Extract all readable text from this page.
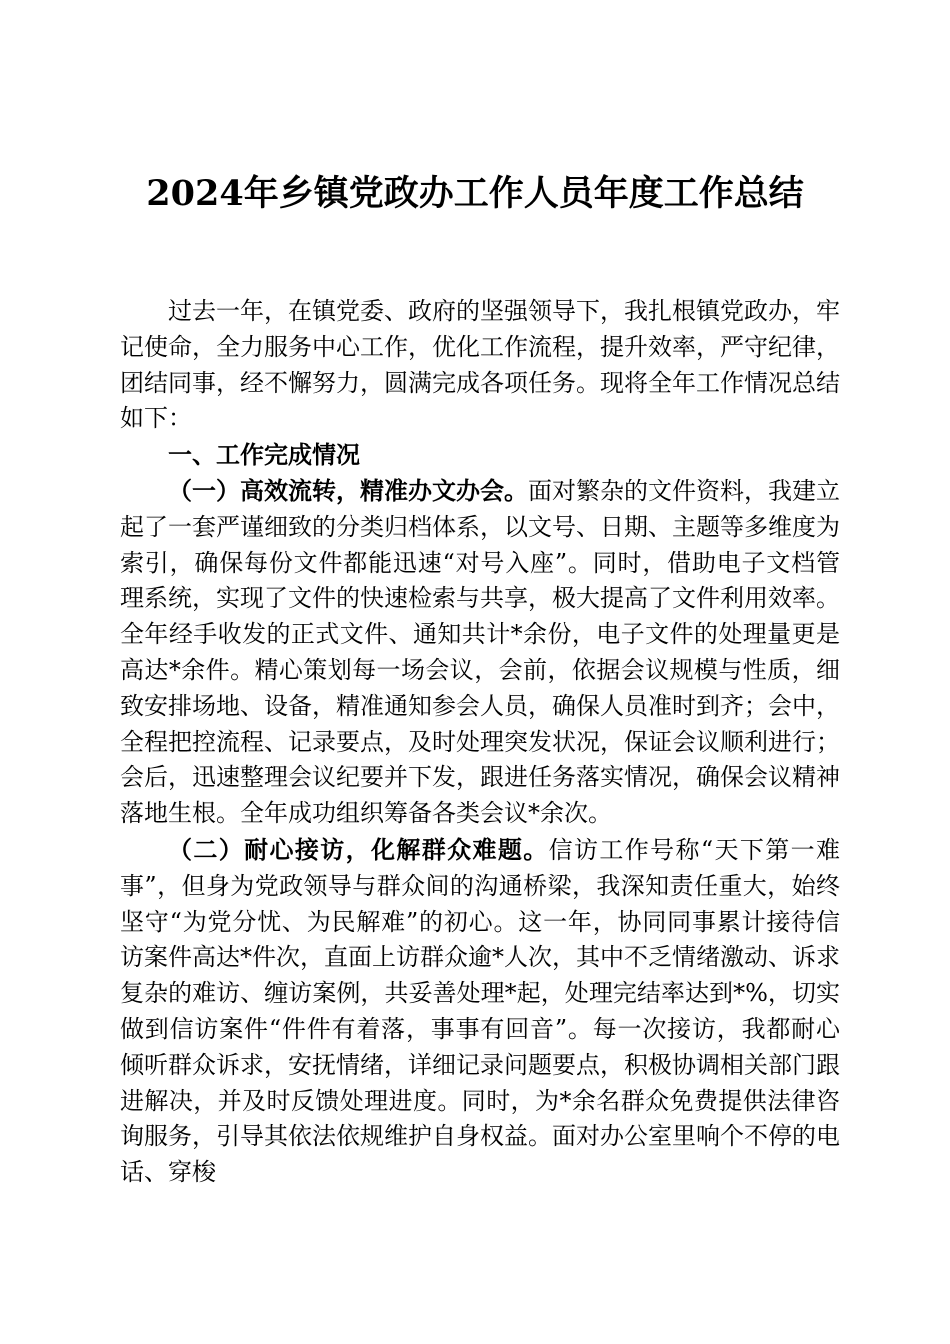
2024年乡镇党政办工作人员年度工作总结

过去一年，在镇党委、政府的坚强领导下，我扎根镇党政办，牢记使命，全力服务中心工作，优化工作流程，提升效率，严守纪律，团结同事，经不懈努力，圆满完成各项任务。现将全年工作情况总结如下：

一、工作完成情况

（一）高效流转，精准办文办会。面对繁杂的文件资料，我建立起了一套严谨细致的分类归档体系，以文号、日期、主题等多维度为索引，确保每份文件都能迅速“对号入座”。同时，借助电子文档管理系统，实现了文件的快速检索与共享，极大提高了文件利用效率。全年经手收发的正式文件、通知共计*余份，电子文件的处理量更是高达*余件。精心策划每一场会议，会前，依据会议规模与性质，细致安排场地、设备，精准通知参会人员，确保人员准时到齐；会中，全程把控流程、记录要点，及时处理突发状况，保证会议顺利进行；会后，迅速整理会议纪要并下发，跟进任务落实情况，确保会议精神落地生根。全年成功组织筹备各类会议*余次。

（二）耐心接访，化解群众难题。信访工作号称“天下第一难事”，但身为党政领导与群众间的沟通桥梁，我深知责任重大，始终坚守“为党分忧、为民解难”的初心。这一年，协同同事累计接待信访案件高达*件次，直面上访群众逾*人次，其中不乏情绪激动、诉求复杂的难访、缠访案例，共妥善处理*起，处理完结率达到*%，切实做到信访案件“件件有着落，事事有回音”。每一次接访，我都耐心倾听群众诉求，安抚情绪，详细记录问题要点，积极协调相关部门跟进解决，并及时反馈处理进度。同时，为*余名群众免费提供法律咨询服务，引导其依法依规维护自身权益。面对办公室里响个不停的电话、穿梭
